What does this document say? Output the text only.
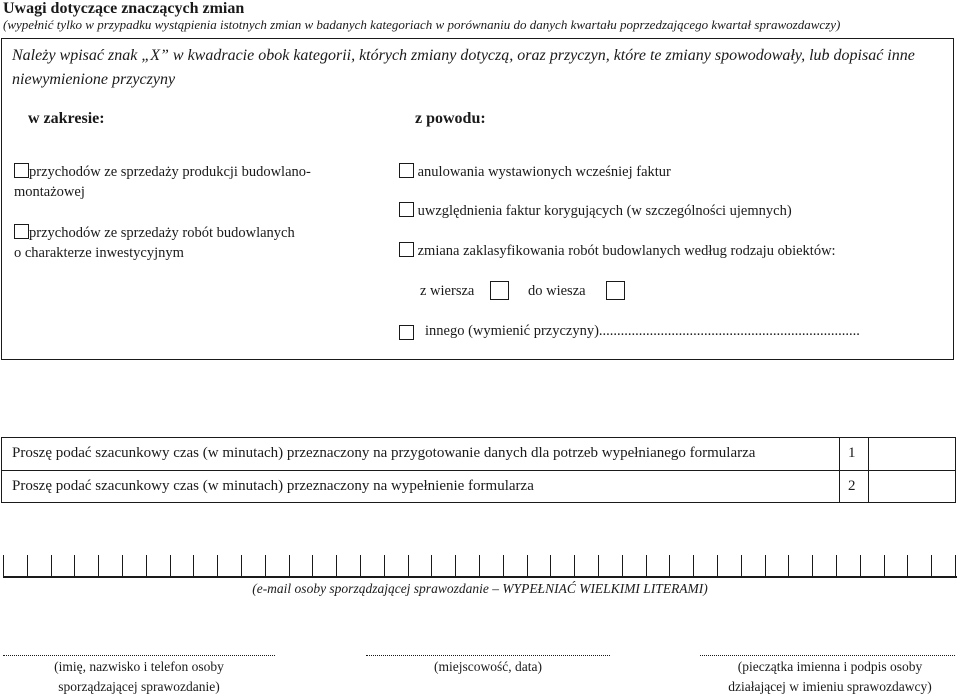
Uwagi dotyczące znaczących zmian
(wypełnić tylko w przypadku wystąpienia istotnych zmian w badanych kategoriach w porównaniu do danych kwartału poprzedzającego kwartał sprawozdawczy)
Należy wpisać znak „X” w kwadracie obok kategorii, których zmiany dotyczą, oraz przyczyn, które te zmiany spowodowały, lub dopisać inne niewymienione przyczyny
w zakresie:	z powodu:
przychodów ze sprzedaży produkcji budowlano-
montażowej
przychodów ze sprzedaży robót budowlanych
o charakterze inwestycyjnym
anulowania wystawionych wcześniej faktur
uwzględnienia faktur korygujących (w szczególności ujemnych)
zmiana zaklasyfikowania robót budowlanych według rodzaju obiektów:
z wiersza	do wiesza
innego (wymienić przyczyny)........................................................................
Proszę podać szacunkowy czas (w minutach) przeznaczony na przygotowanie danych dla potrzeb wypełnianego formularza	1
Proszę podać szacunkowy czas (w minutach) przeznaczony na wypełnienie formularza	2
(e-mail osoby sporządzającej sprawozdanie – WYPEŁNIAĆ WIELKIMI LITERAMI)
(imię, nazwisko i telefon osoby
sporządzającej sprawozdanie)
(miejscowość, data)	(pieczątka imienna i podpis osoby
działającej w imieniu sprawozdawcy)
